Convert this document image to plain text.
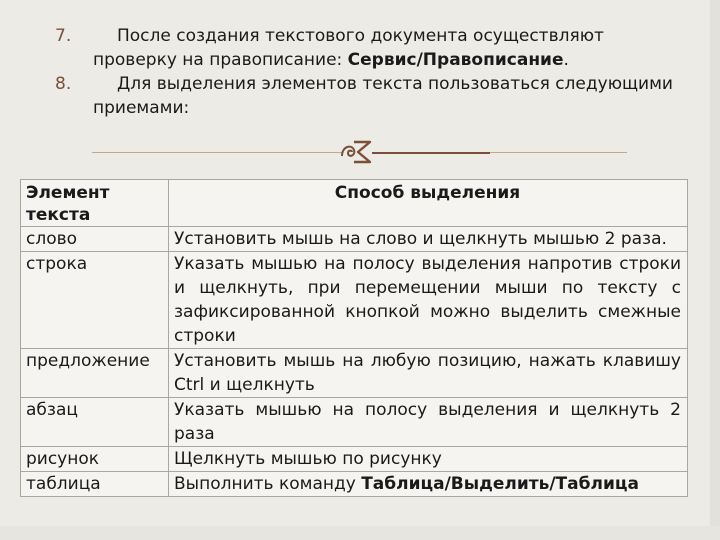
7.	После создания текстового документа осуществляют проверку на правописание: Сервис/Правописание.
8.	Для выделения элементов текста пользоваться следующими приемами:
Элемент текста	Способ выделения
слово	Установить мышь на слово и щелкнуть мышью 2 раза.
строка	Указать мышью на полосу выделения напротив строки и щелкнуть, при перемещении мыши по тексту с зафиксированной кнопкой можно выделить смежные строки
предложение	Установить мышь на любую позицию, нажать клавишу Ctrl и щелкнуть
абзац	Указать мышью на полосу выделения и щелкнуть 2 раза
рисунок	Щелкнуть мышью по рисунку
таблица	Выполнить команду Таблица/Выделить/Таблица
